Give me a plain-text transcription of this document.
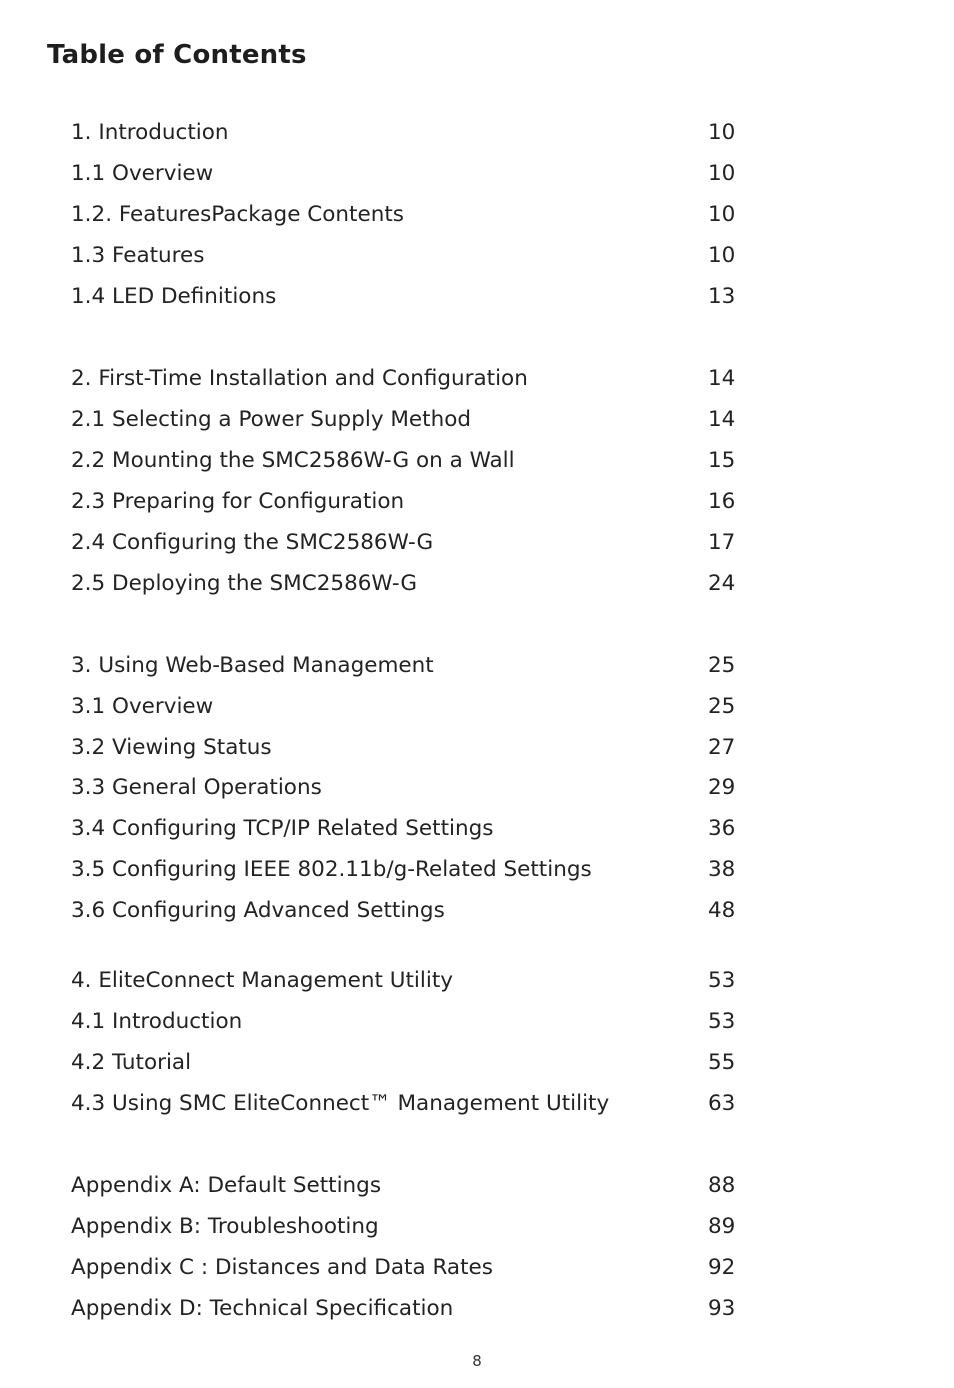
Table of Contents
1. Introduction	10
1.1 Overview	10
1.2. FeaturesPackage Contents	10
1.3 Features	10
1.4 LED Definitions	13
2. First-Time Installation and Configuration	14
2.1 Selecting a Power Supply Method	14
2.2 Mounting the SMC2586W-G on a Wall	15
2.3 Preparing for Configuration	16
2.4 Configuring the SMC2586W-G	17
2.5 Deploying the SMC2586W-G	24
3. Using Web-Based Management	25
3.1 Overview	25
3.2 Viewing Status	27
3.3 General Operations	29
3.4 Configuring TCP/IP Related Settings	36
3.5 Configuring IEEE 802.11b/g-Related Settings	38
3.6 Configuring Advanced Settings	48
4. EliteConnect Management Utility	53
4.1 Introduction	53
4.2 Tutorial	55
4.3 Using SMC EliteConnect™ Management Utility	63
Appendix A: Default Settings	88
Appendix B: Troubleshooting	89
Appendix C : Distances and Data Rates	92
Appendix D: Technical Specification	93
8
